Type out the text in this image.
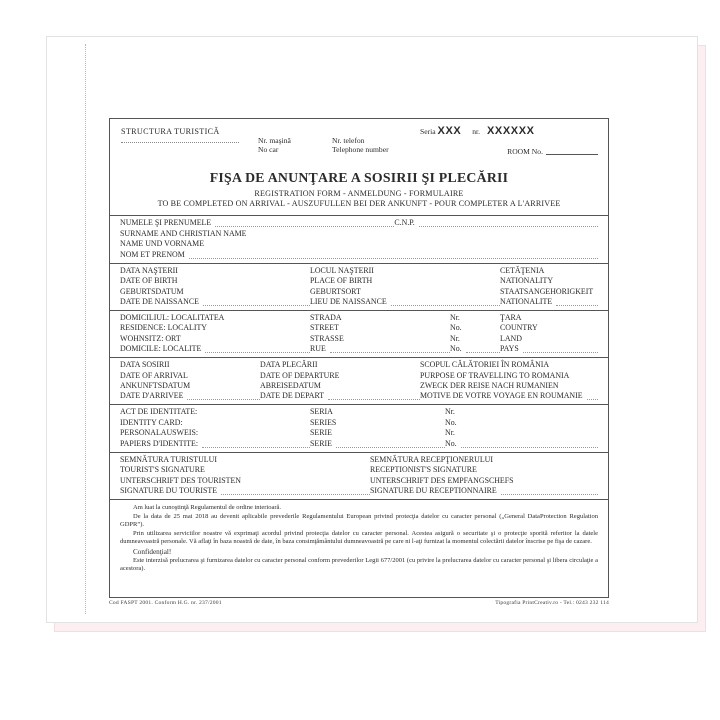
STRUCTURA TURISTICĂ
Nr. maşină
No car
Nr. telefon
Telephone number
Seria XXX nr. XXXXXX
ROOM No.
FIŞA DE ANUNŢARE A SOSIRII ŞI PLECĂRII
REGISTRATION FORM - ANMELDUNG - FORMULAIRE
TO BE COMPLETED ON ARRIVAL - AUSZUFULLEN BEI DER ANKUNFT - POUR COMPLETER A L'ARRIVEE
NUMELE ŞI PRENUMELE	C.N.P.
SURNAME AND CHRISTIAN NAME
NAME UND VORNAME
NOM ET PRENOM
DATA NAŞTERII	LOCUL NAŞTERII	CETĂŢENIA
DATE OF BIRTH	PLACE OF BIRTH	NATIONALITY
GEBURTSDATUM	GEBURTSORT	STAATSANGEHORIGKEIT
DATE DE NAISSANCE	LIEU DE NAISSANCE	NATIONALITE
DOMICILIUL: LOCALITATEA	STRADA	Nr.	ŢARA
RESIDENCE: LOCALITY	STREET	No.	COUNTRY
WOHNSITZ: ORT	STRASSE	Nr.	LAND
DOMICILE: LOCALITE	RUE	No.	PAYS
DATA SOSIRII	DATA PLECĂRII	SCOPUL CĂLĂTORIEI ÎN ROMÂNIA
DATE OF ARRIVAL	DATE OF DEPARTURE	PURPOSE OF TRAVELLING TO ROMANIA
ANKUNFTSDATUM	ABREISEDATUM	ZWECK DER REISE NACH RUMANIEN
DATE D'ARRIVEE	DATE DE DEPART	MOTIVE DE VOTRE VOYAGE EN ROUMANIE
ACT DE IDENTITATE:	SERIA	Nr.
IDENTITY CARD:	SERIES	No.
PERSONALAUSWEIS:	SERIE	Nr.
PAPIERS D'IDENTITE:	SERIE	No.
SEMNĂTURA TURISTULUI	SEMNĂTURA RECEPŢIONERULUI
TOURIST'S SIGNATURE	RECEPTIONIST'S SIGNATURE
UNTERSCHRIFT DES TOURISTEN	UNTERSCHRIFT DES EMPFANGSCHEFS
SIGNATURE DU TOURISTE	SIGNATURE DU RECEPTIONNAIRE

Am luat la cunoştinţă Regulamentul de ordine interioară.

De la data de 25 mai 2018 au devenit aplicabile prevederile Regulamentului European privind protecţia datelor cu caracter personal („General DataProtection Regulation GDPR”).

Prin utilizarea serviciilor noastre vă exprimaţi acordul privind protecţia datelor cu caracter personal. Acestea asigură o securitate şi o protecţie sporită referitor la datele dumneavoastră personale. Vă aflaţi în baza noastră de date, în baza consimţământului dumneavoastră pe care ni l-aţi furnizat la momentul colectării datelor înscrise pe fişa de cazare.

Confidenţial!

Este interzisă prelucrarea şi furnizarea datelor cu caracter personal conform prevederilor Legii 677/2001 (cu privire la prelucrarea datelor cu caracter personal şi libera circulaţie a acestora).

Cod FASPT 2001. Conform H.G. nr. 237/2001	Tipografia PrintCreativ.ro - Tel.: 0243 232 114
